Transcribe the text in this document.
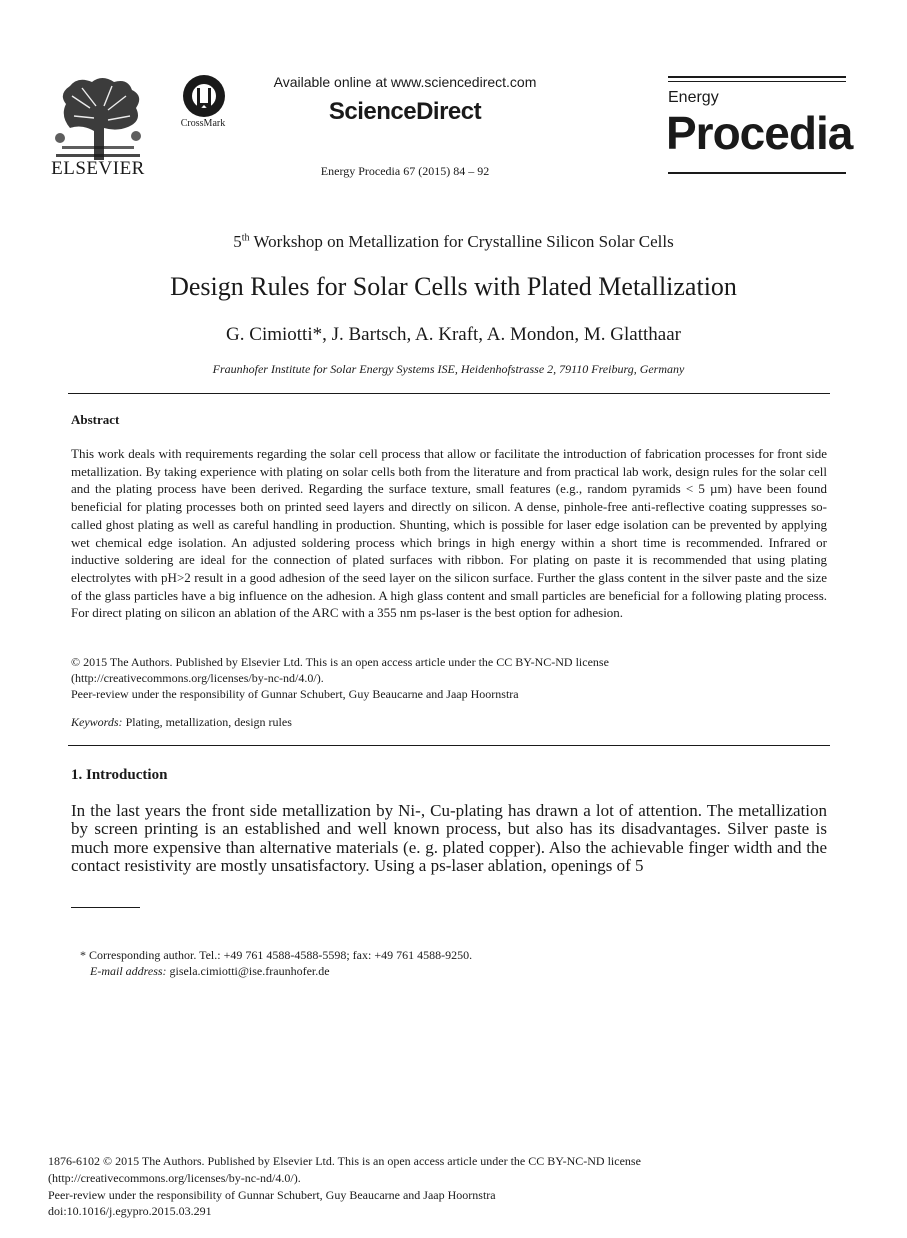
ELSEVIER
CrossMark
Available online at www.sciencedirect.com
ScienceDirect
Energy Procedia 67 (2015) 84 – 92
Energy
Procedia
5th Workshop on Metallization for Crystalline Silicon Solar Cells
Design Rules for Solar Cells with Plated Metallization
G. Cimiotti*, J. Bartsch, A. Kraft, A. Mondon, M. Glatthaar
Fraunhofer Institute for Solar Energy Systems ISE, Heidenhofstrasse 2, 79110 Freiburg, Germany
Abstract
This work deals with requirements regarding the solar cell process that allow or facilitate the introduction of fabrication processes for front side metallization. By taking experience with plating on solar cells both from the literature and from practical lab work, design rules for the solar cell and the plating process have been derived. Regarding the surface texture, small features (e.g., random pyramids < 5 µm) have been found beneficial for plating processes both on printed seed layers and directly on silicon. A dense, pinhole-free anti-reflective coating suppresses so-called ghost plating as well as careful handling in production. Shunting, which is possible for laser edge isolation can be prevented by applying wet chemical edge isolation. An adjusted soldering process which brings in high energy within a short time is recommended. Infrared or inductive soldering are ideal for the connection of plated surfaces with ribbon. For plating on paste it is recommended that using plating electrolytes with pH>2 result in a good adhesion of the seed layer on the silicon surface. Further the glass content in the silver paste and the size of the glass particles have a big influence on the adhesion. A high glass content and small particles are beneficial for a following plating process. For direct plating on silicon an ablation of the ARC with a 355 nm ps-laser is the best option for adhesion.
© 2015 The Authors. Published by Elsevier Ltd. This is an open access article under the CC BY-NC-ND license
(http://creativecommons.org/licenses/by-nc-nd/4.0/).
Peer-review under the responsibility of Gunnar Schubert, Guy Beaucarne and Jaap Hoornstra
Keywords: Plating, metallization, design rules
1. Introduction
In the last years the front side metallization by Ni-, Cu-plating has drawn a lot of attention. The metallization by screen printing is an established and well known process, but also has its disadvantages. Silver paste is much more expensive than alternative materials (e. g. plated copper). Also the achievable finger width and the contact resistivity are mostly unsatisfactory. Using a ps-laser ablation, openings of 5
* Corresponding author. Tel.: +49 761 4588-4588-5598; fax: +49 761 4588-9250.
E-mail address: gisela.cimiotti@ise.fraunhofer.de
1876-6102 © 2015 The Authors. Published by Elsevier Ltd. This is an open access article under the CC BY-NC-ND license
(http://creativecommons.org/licenses/by-nc-nd/4.0/).
Peer-review under the responsibility of Gunnar Schubert, Guy Beaucarne and Jaap Hoornstra
doi:10.1016/j.egypro.2015.03.291
